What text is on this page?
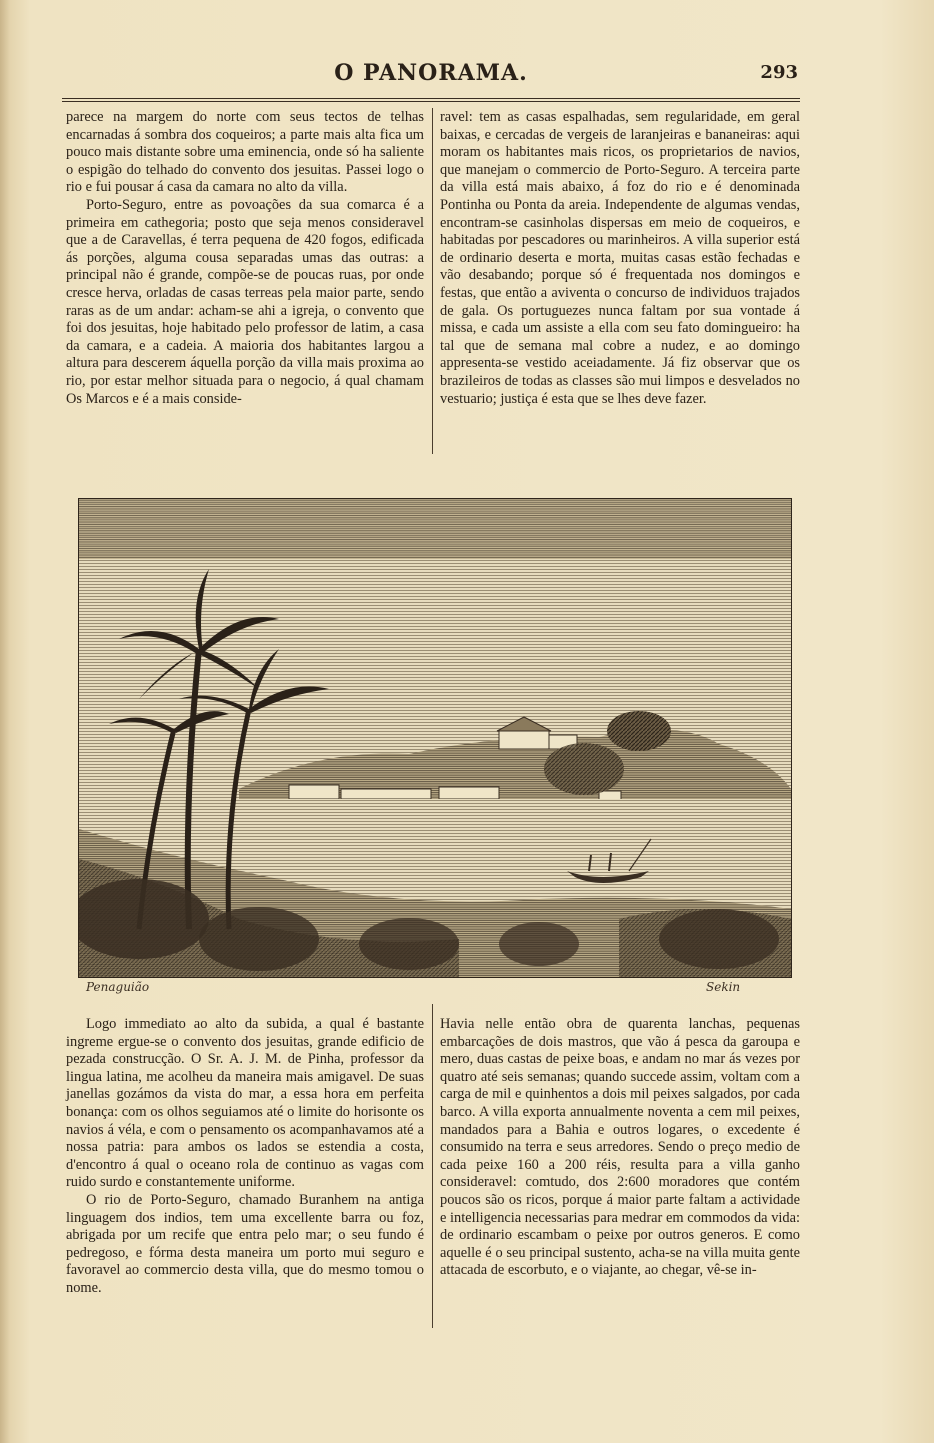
O PANORAMA.	293

parece na margem do norte com seus tectos de telhas encarnadas á sombra dos coqueiros; a parte mais alta fica um pouco mais distante sobre uma eminencia, onde só ha saliente o espigão do telhado do convento dos jesuitas. Passei logo o rio e fui pousar á casa da camara no alto da villa.

Porto-Seguro, entre as povoações da sua comarca é a primeira em cathegoria; posto que seja menos consideravel que a de Caravellas, é terra pequena de 420 fogos, edificada ás porções, alguma cousa separadas umas das outras: a principal não é grande, compõe-se de poucas ruas, por onde cresce herva, orladas de casas terreas pela maior parte, sendo raras as de um andar: acham-se ahi a igreja, o convento que foi dos jesuitas, hoje habitado pelo professor de latim, a casa da camara, e a cadeia. A maioria dos habitantes largou a altura para descerem áquella porção da villa mais proxima ao rio, por estar melhor situada para o negocio, á qual chamam Os Marcos e é a mais conside-

ravel: tem as casas espalhadas, sem regularidade, em geral baixas, e cercadas de vergeis de laranjeiras e bananeiras: aqui moram os habitantes mais ricos, os proprietarios de navios, que manejam o commercio de Porto-Seguro. A terceira parte da villa está mais abaixo, á foz do rio e é denominada Pontinha ou Ponta da areia. Independente de algumas vendas, encontram-se casinholas dispersas em meio de coqueiros, e habitadas por pescadores ou marinheiros. A villa superior está de ordinario deserta e morta, muitas casas estão fechadas e vão desabando; porque só é frequentada nos domingos e festas, que então a aviventa o concurso de individuos trajados de gala. Os portuguezes nunca faltam por sua vontade á missa, e cada um assiste a ella com seu fato domingueiro: ha tal que de semana mal cobre a nudez, e ao domingo appresenta-se vestido aceiadamente. Já fiz observar que os brazileiros de todas as classes são mui limpos e desvelados no vestuario; justiça é esta que se lhes deve fazer.

Penaguião	Sekin

Logo immediato ao alto da subida, a qual é bastante ingreme ergue-se o convento dos jesuitas, grande edificio de pezada construcção. O Sr. A. J. M. de Pinha, professor da lingua latina, me acolheu da maneira mais amigavel. De suas janellas gozámos da vista do mar, a essa hora em perfeita bonança: com os olhos seguiamos até o limite do horisonte os navios á véla, e com o pensamento os acompanhavamos até a nossa patria: para ambos os lados se estendia a costa, d'encontro á qual o oceano rola de continuo as vagas com ruido surdo e constantemente uniforme.

O rio de Porto-Seguro, chamado Buranhem na antiga linguagem dos indios, tem uma excellente barra ou foz, abrigada por um recife que entra pelo mar; o seu fundo é pedregoso, e fórma desta maneira um porto mui seguro e favoravel ao commercio desta villa, que do mesmo tomou o nome.

Havia nelle então obra de quarenta lanchas, pequenas embarcações de dois mastros, que vão á pesca da garoupa e mero, duas castas de peixe boas, e andam no mar ás vezes por quatro até seis semanas; quando succede assim, voltam com a carga de mil e quinhentos a dois mil peixes salgados, por cada barco. A villa exporta annualmente noventa a cem mil peixes, mandados para a Bahia e outros logares, o excedente é consumido na terra e seus arredores. Sendo o preço medio de cada peixe 160 a 200 réis, resulta para a villa ganho consideravel: comtudo, dos 2:600 moradores que contém poucos são os ricos, porque á maior parte faltam a actividade e intelligencia necessarias para medrar em commodos da vida: de ordinario escambam o peixe por outros generos. E como aquelle é o seu principal sustento, acha-se na villa muita gente attacada de escorbuto, e o viajante, ao chegar, vê-se in-
